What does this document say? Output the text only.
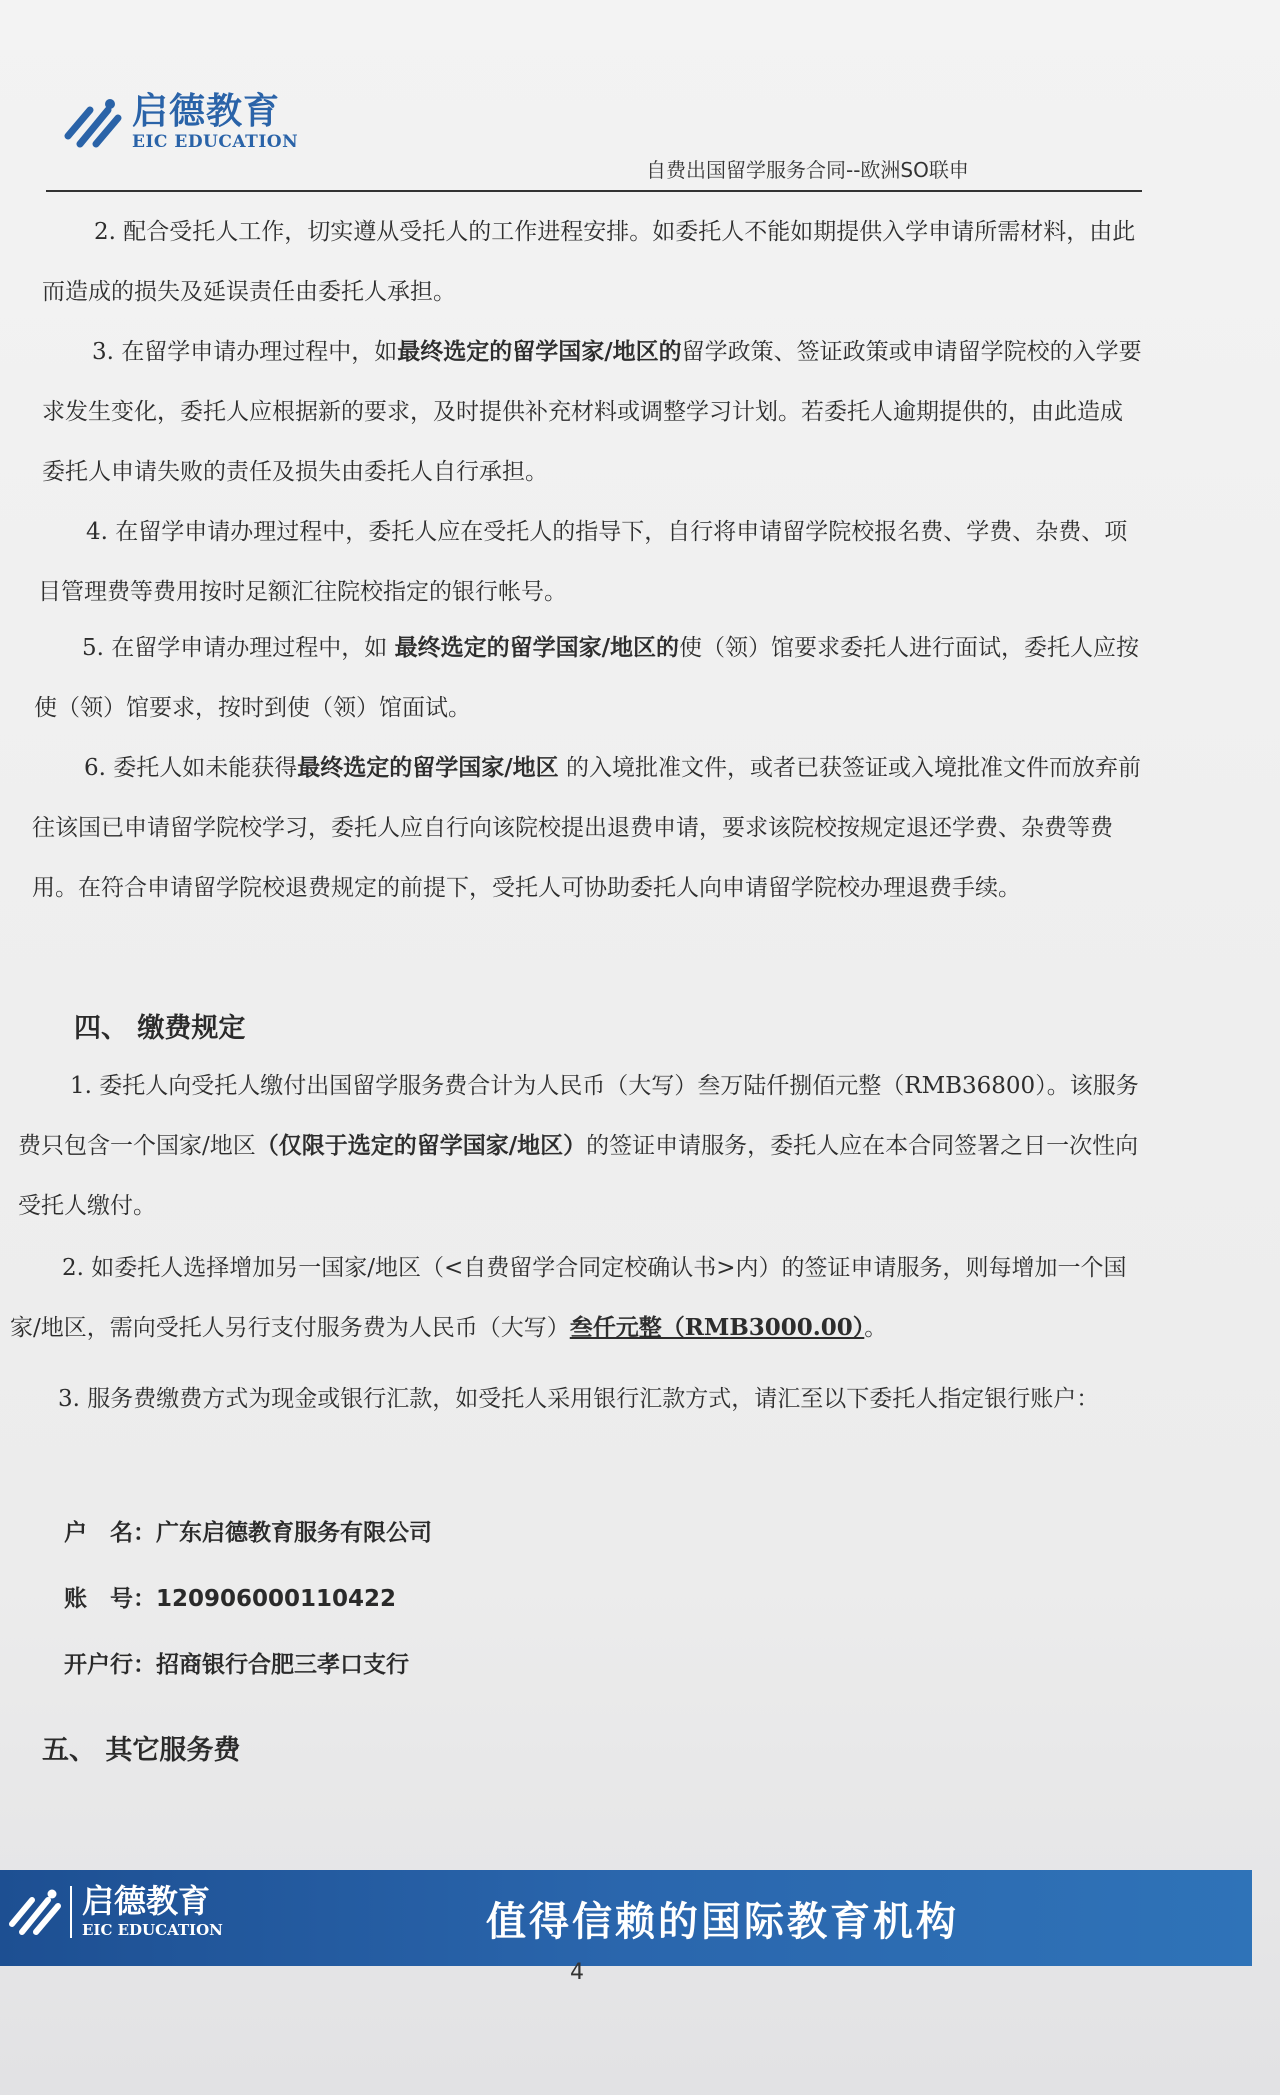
启德教育
EIC EDUCATION
自费出国留学服务合同--欧洲SO联申

2. 配合受托人工作，切实遵从受托人的工作进程安排。如委托人不能如期提供入学申请所需材料，由此而造成的损失及延误责任由委托人承担。

3. 在留学申请办理过程中，如最终选定的留学国家/地区的留学政策、签证政策或申请留学院校的入学要求发生变化，委托人应根据新的要求，及时提供补充材料或调整学习计划。若委托人逾期提供的，由此造成委托人申请失败的责任及损失由委托人自行承担。

4. 在留学申请办理过程中，委托人应在受托人的指导下，自行将申请留学院校报名费、学费、杂费、项目管理费等费用按时足额汇往院校指定的银行帐号。

5. 在留学申请办理过程中，如 最终选定的留学国家/地区的使（领）馆要求委托人进行面试，委托人应按使（领）馆要求，按时到使（领）馆面试。

6. 委托人如未能获得最终选定的留学国家/地区 的入境批准文件，或者已获签证或入境批准文件而放弃前往该国已申请留学院校学习，委托人应自行向该院校提出退费申请，要求该院校按规定退还学费、杂费等费用。在符合申请留学院校退费规定的前提下，受托人可协助委托人向申请留学院校办理退费手续。

四、 缴费规定

1. 委托人向受托人缴付出国留学服务费合计为人民币（大写）叁万陆仟捌佰元整（RMB36800）。该服务费只包含一个国家/地区（仅限于选定的留学国家/地区）的签证申请服务，委托人应在本合同签署之日一次性向受托人缴付。

2. 如委托人选择增加另一国家/地区（<自费留学合同定校确认书>内）的签证申请服务，则每增加一个国家/地区，需向受托人另行支付服务费为人民币（大写）叁仟元整（RMB3000.00）。

3. 服务费缴费方式为现金或银行汇款，如受托人采用银行汇款方式，请汇至以下委托人指定银行账户：

户　名：广东启德教育服务有限公司
账　号：120906000110422
开户行：招商银行合肥三孝口支行
五、 其它服务费
启德教育
EIC EDUCATION	值得信赖的国际教育机构
4
